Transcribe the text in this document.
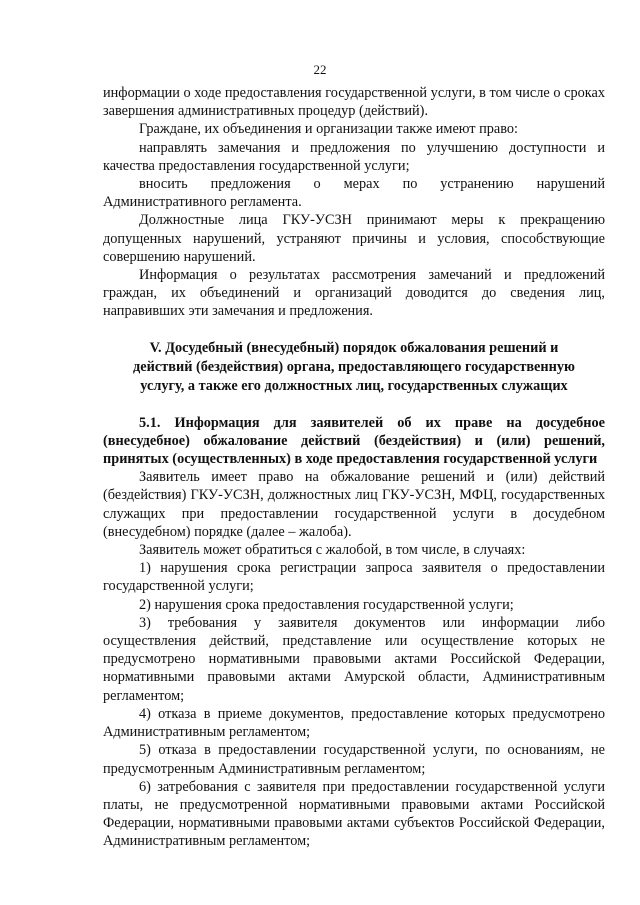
22

информации о ходе предоставления государственной услуги, в том числе о сроках завершения административных процедур (действий).

Граждане, их объединения и организации также имеют право:

направлять замечания и предложения по улучшению доступности и качества предоставления государственной услуги;

вносить предложения о мерах по устранению нарушений Административного регламента.

Должностные лица ГКУ-УСЗН принимают меры к прекращению допущенных нарушений, устраняют причины и условия, способствующие совершению нарушений.

Информация о результатах рассмотрения замечаний и предложений граждан, их объединений и организаций доводится до сведения лиц, направивших эти замечания и предложения.

V. Досудебный (внесудебный) порядок обжалования решений и действий (бездействия) органа, предоставляющего государственную услугу, а также его должностных лиц, государственных служащих

5.1. Информация для заявителей об их праве на досудебное (внесудебное) обжалование действий (бездействия) и (или) решений, принятых (осуществленных) в ходе предоставления государственной услуги

Заявитель имеет право на обжалование решений и (или) действий (бездействия) ГКУ-УСЗН, должностных лиц ГКУ-УСЗН, МФЦ, государственных служащих при предоставлении государственной услуги в досудебном (внесудебном) порядке (далее – жалоба).

Заявитель может обратиться с жалобой, в том числе, в случаях:

1) нарушения срока регистрации запроса заявителя о предоставлении государственной услуги;

2) нарушения срока предоставления государственной услуги;

3) требования у заявителя документов или информации либо осуществления действий, представление или осуществление которых не предусмотрено нормативными правовыми актами Российской Федерации, нормативными правовыми актами Амурской области, Административным регламентом;

4) отказа в приеме документов, предоставление которых предусмотрено Административным регламентом;

5) отказа в предоставлении государственной услуги, по основаниям, не предусмотренным Административным регламентом;

6) затребования с заявителя при предоставлении государственной услуги платы, не предусмотренной нормативными правовыми актами Российской Федерации, нормативными правовыми актами субъектов Российской Федерации, Административным регламентом;
